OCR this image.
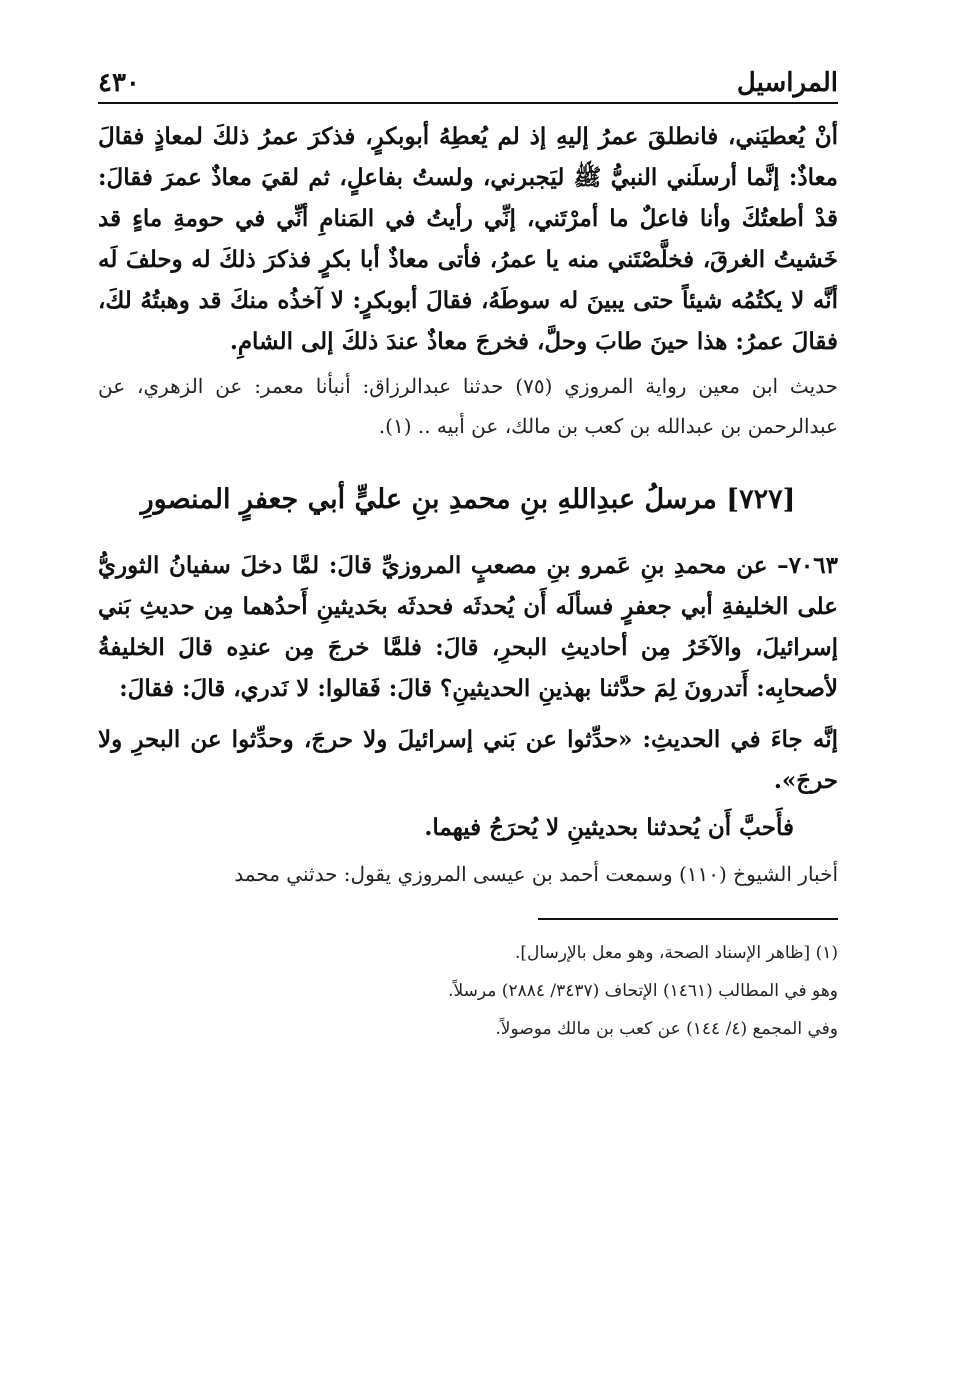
المراسيل
٤٣٠

أنْ يُعطيَني، فانطلقَ عمرُ إليهِ إذ لم يُعطِهُ أبوبكرٍ، فذكرَ عمرُ ذلكَ لمعاذٍ فقالَ معاذٌ: إنَّما أرسلَني النبيُّ ﷺ ليَجبرني، ولستُ بفاعلٍ، ثم لقيَ معاذٌ عمرَ فقالَ: قدْ أطعتُكَ وأنا فاعلٌ ما أمرْتَني، إنِّي رأيتُ في المَنامِ أنِّي في حومةِ ماءٍ قد خَشيتُ الغرقَ، فخلَّصْتَني منه يا عمرُ، فأتى معاذٌ أبا بكرٍ فذكرَ ذلكَ له وحلفَ لَه أنَّه لا يكتُمُه شيئاً حتى يبينَ له سوطَهُ، فقالَ أبوبكرٍ: لا آخذُه منكَ قد وهبتُهُ لكَ، فقالَ عمرُ: هذا حينَ طابَ وحلَّ، فخرجَ معاذٌ عندَ ذلكَ إلى الشامِ.

حديث ابن معين رواية المروزي (٧٥) حدثنا عبدالرزاق: أنبأنا معمر: عن الزهري، عن عبدالرحمن بن عبدالله بن كعب بن مالك، عن أبيه .. (١).

[٧٢٧] مرسلُ عبدِاللهِ بنِ محمدِ بنِ عليٍّ أبي جعفرٍ المنصورِ

٧٠٦٣– عن محمدِ بنِ عَمرو بنِ مصعبٍ المروزيِّ قالَ: لمَّا دخلَ سفيانُ الثوريُّ على الخليفةِ أبي جعفرٍ فسألَه أَن يُحدثَه فحدثَه بحَديثينِ أَحدُهما مِن حديثِ بَني إسرائيلَ، والآخَرُ مِن أحاديثِ البحرِ، قالَ: فلمَّا خرجَ مِن عندِه قالَ الخليفةُ لأصحابِه: أَتدرونَ لِمَ حدَّثنا بهذينِ الحديثينِ؟ قالَ: فَقالوا: لا نَدري، قالَ: فقالَ:

إنَّه جاءَ في الحديثِ: «حدِّثوا عن بَني إسرائيلَ ولا حرجَ، وحدِّثوا عن البحرِ ولا حرجَ».

فأَحبَّ أَن يُحدثنا بحديثينِ لا يُحرَجُ فيهما.

أخبار الشيوخ (١١٠) وسمعت أحمد بن عيسى المروزي يقول: حدثني محمد

(١) [ظاهر الإسناد الصحة، وهو معل بالإرسال].
وهو في المطالب (١٤٦١) الإتحاف (٣٤٣٧/ ٢٨٨٤) مرسلاً.
وفي المجمع (٤/ ١٤٤) عن كعب بن مالك موصولاً.
